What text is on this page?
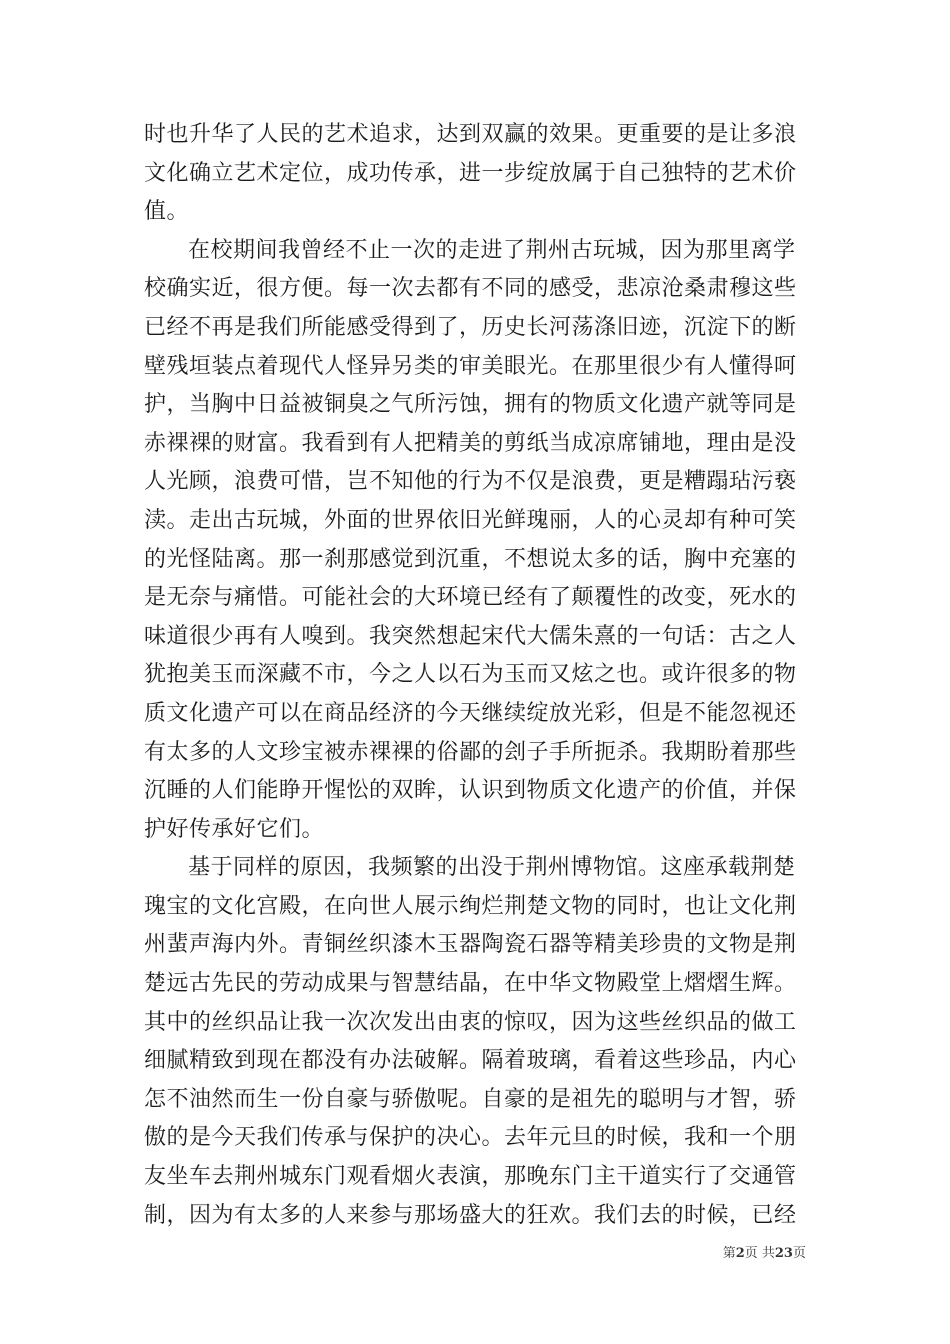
时也升华了人民的艺术追求，达到双赢的效果。更重要的是让多浪
文化确立艺术定位，成功传承，进一步绽放属于自己独特的艺术价
值。
在校期间我曾经不止一次的走进了荆州古玩城，因为那里离学
校确实近，很方便。每一次去都有不同的感受，悲凉沧桑肃穆这些
已经不再是我们所能感受得到了，历史长河荡涤旧迹，沉淀下的断
壁残垣装点着现代人怪异另类的审美眼光。在那里很少有人懂得呵
护，当胸中日益被铜臭之气所污蚀，拥有的物质文化遗产就等同是
赤裸裸的财富。我看到有人把精美的剪纸当成凉席铺地，理由是没
人光顾，浪费可惜，岂不知他的行为不仅是浪费，更是糟蹋玷污亵
渎。走出古玩城，外面的世界依旧光鲜瑰丽，人的心灵却有种可笑
的光怪陆离。那一刹那感觉到沉重，不想说太多的话，胸中充塞的
是无奈与痛惜。可能社会的大环境已经有了颠覆性的改变，死水的
味道很少再有人嗅到。我突然想起宋代大儒朱熹的一句话：古之人
犹抱美玉而深藏不市，今之人以石为玉而又炫之也。或许很多的物
质文化遗产可以在商品经济的今天继续绽放光彩，但是不能忽视还
有太多的人文珍宝被赤裸裸的俗鄙的刽子手所扼杀。我期盼着那些
沉睡的人们能睁开惺忪的双眸，认识到物质文化遗产的价值，并保
护好传承好它们。
基于同样的原因，我频繁的出没于荆州博物馆。这座承载荆楚
瑰宝的文化宫殿，在向世人展示绚烂荆楚文物的同时，也让文化荆
州蜚声海内外。青铜丝织漆木玉器陶瓷石器等精美珍贵的文物是荆
楚远古先民的劳动成果与智慧结晶，在中华文物殿堂上熠熠生辉。
其中的丝织品让我一次次发出由衷的惊叹，因为这些丝织品的做工
细腻精致到现在都没有办法破解。隔着玻璃，看着这些珍品，内心
怎不油然而生一份自豪与骄傲呢。自豪的是祖先的聪明与才智，骄
傲的是今天我们传承与保护的决心。去年元旦的时候，我和一个朋
友坐车去荆州城东门观看烟火表演，那晚东门主干道实行了交通管
制，因为有太多的人来参与那场盛大的狂欢。我们去的时候，已经
第2页 共23页
